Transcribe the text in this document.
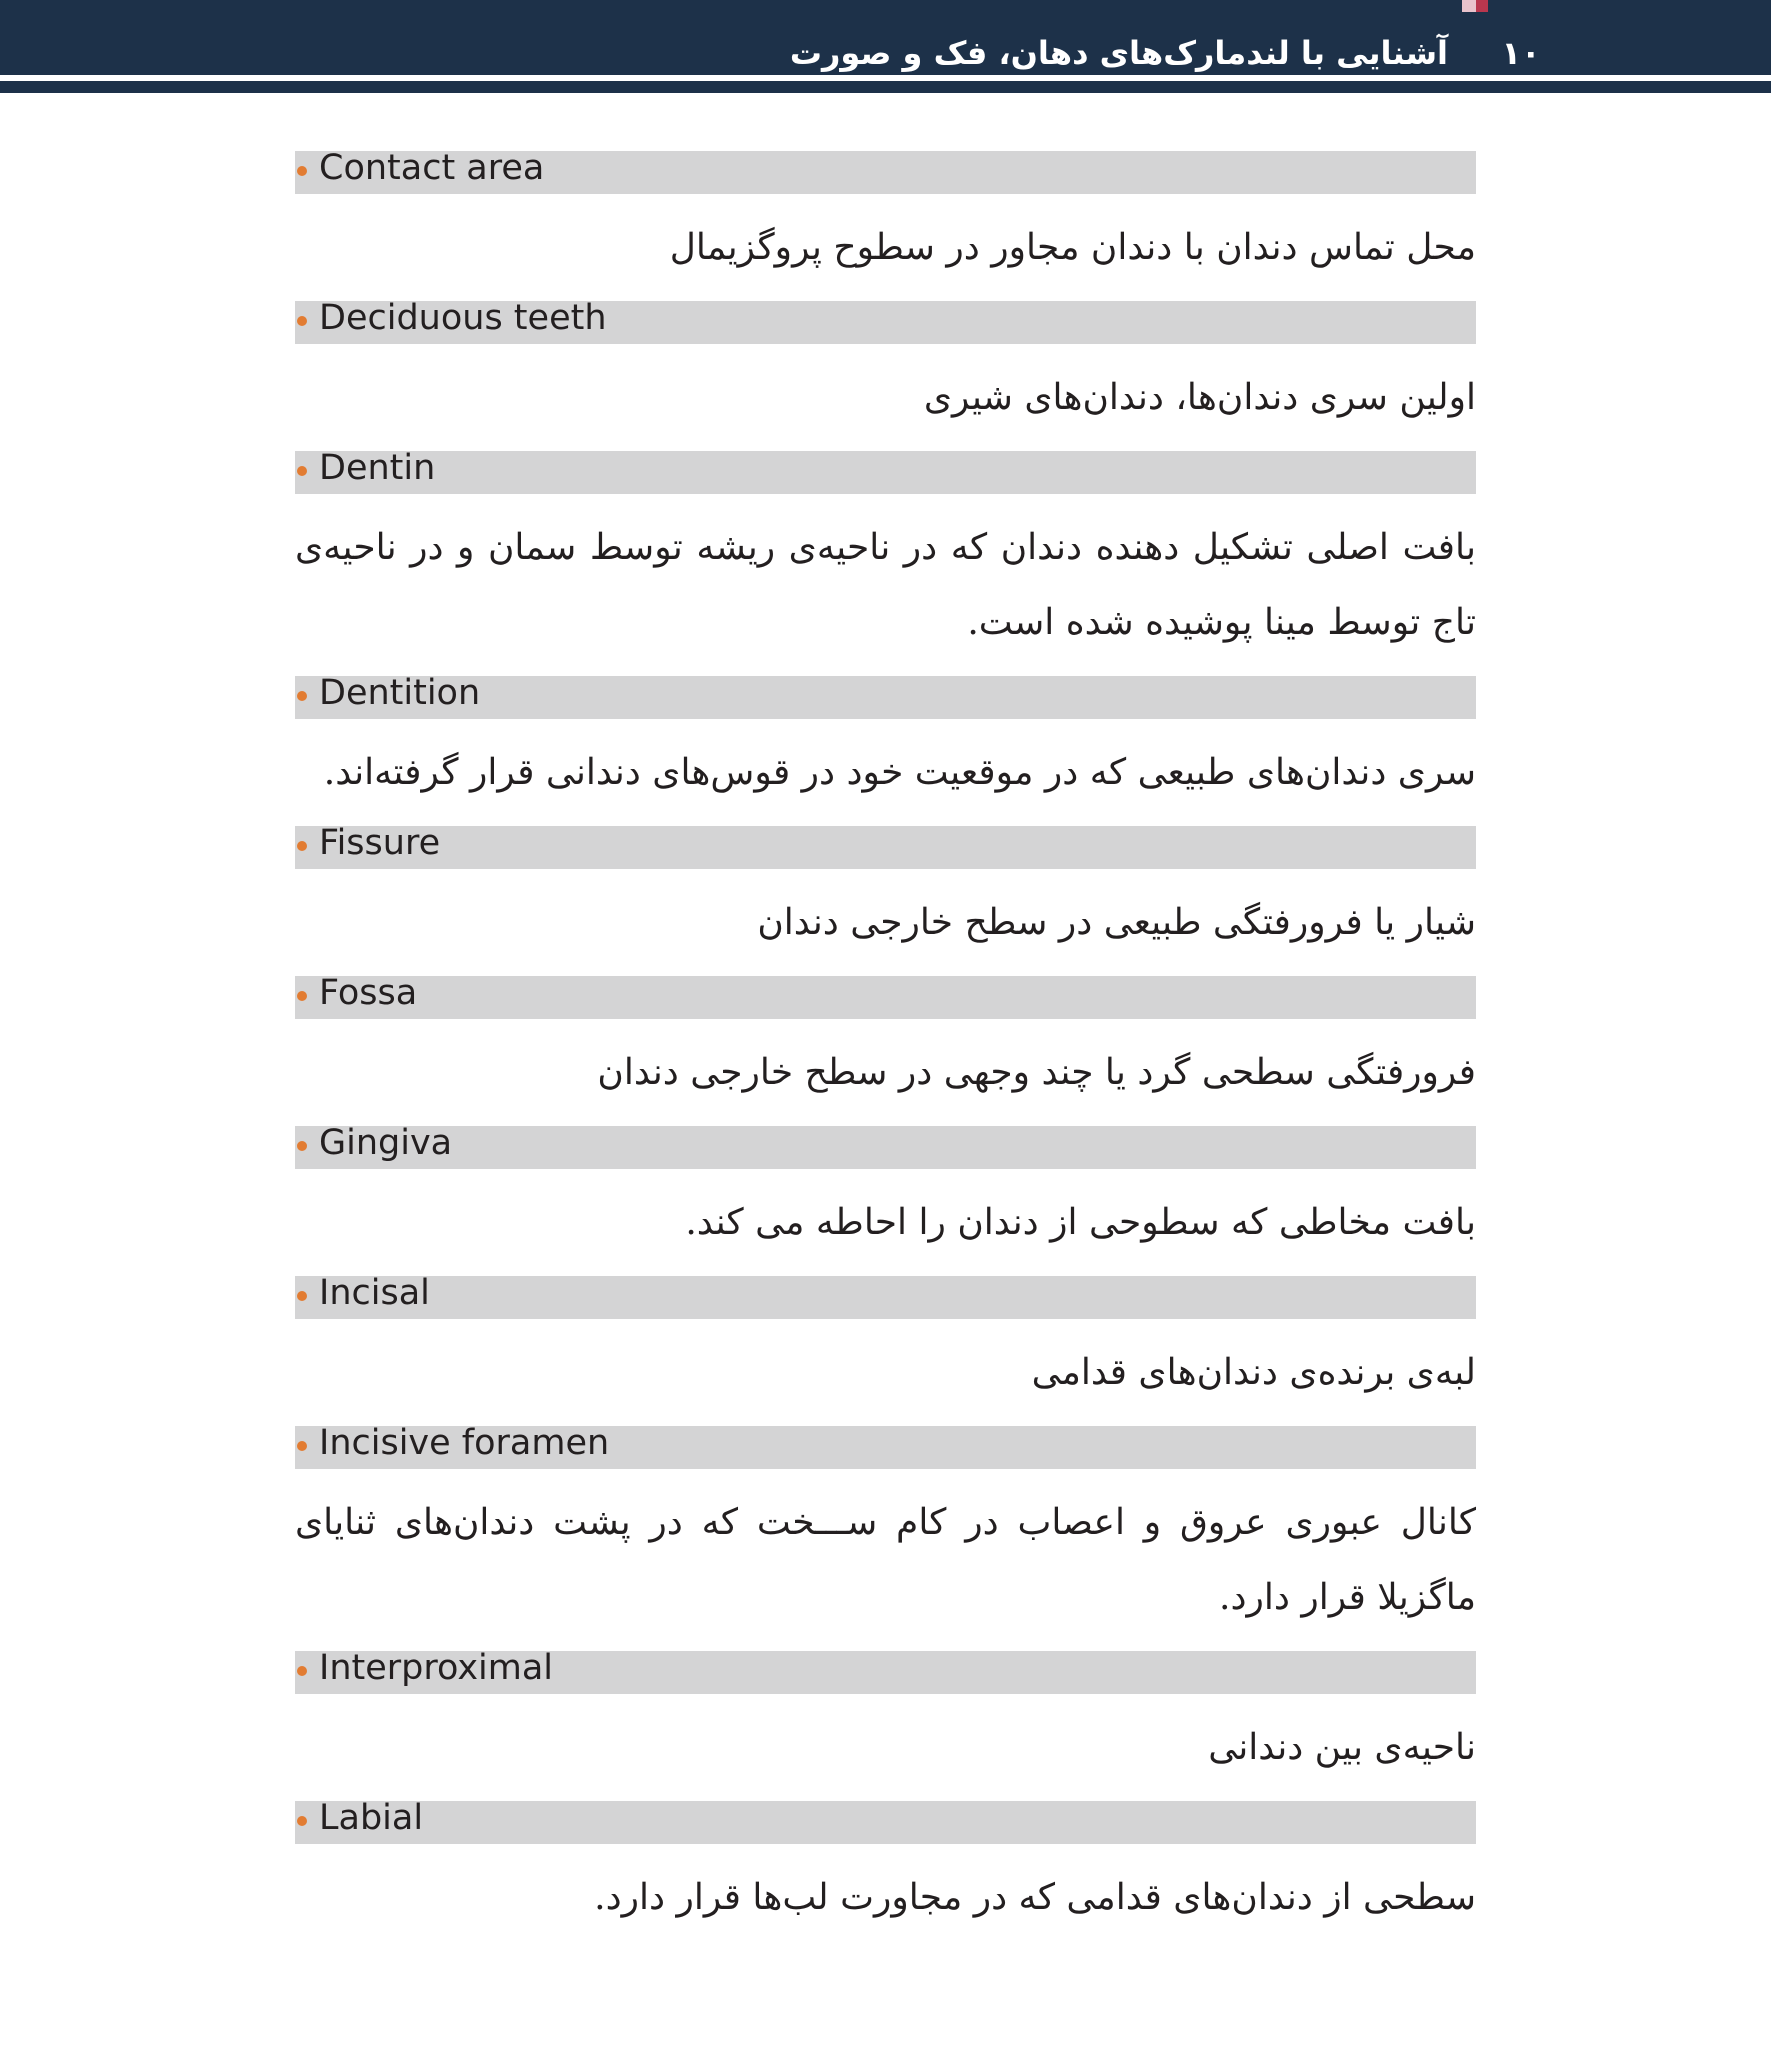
آشنایی با لندمارک‌های دهان، فک و صورت ۱۰
Contact area
محل تماس دندان با دندان مجاور در سطوح پروگزیمال
Deciduous teeth
اولین سری دندان‌ها، دندان‌های شیری
Dentin
بافت اصلی تشکیل دهنده دندان که در ناحیه‌ی ریشه توسط سمان و در ناحیه‌ی تاج توسط مینا پوشیده شده است.
Dentition
سری دندان‌های طبیعی که در موقعیت خود در قوس‌های دندانی قرار گرفته‌اند.
Fissure
شیار یا فرورفتگی طبیعی در سطح خارجی دندان
Fossa
فرورفتگی سطحی گرد یا چند وجهی در سطح خارجی دندان
Gingiva
بافت مخاطی که سطوحی از دندان را احاطه می کند.
Incisal
لبه‌ی برنده‌ی دندان‌های قدامی
Incisive foramen
کانال عبوری عروق و اعصاب در کام ســـخت که در پشت دندان‌های ثنایای ماگزیلا قرار دارد.
Interproximal
ناحیه‌ی بین دندانی
Labial
سطحی از دندان‌های قدامی که در مجاورت لب‌ها قرار دارد.
